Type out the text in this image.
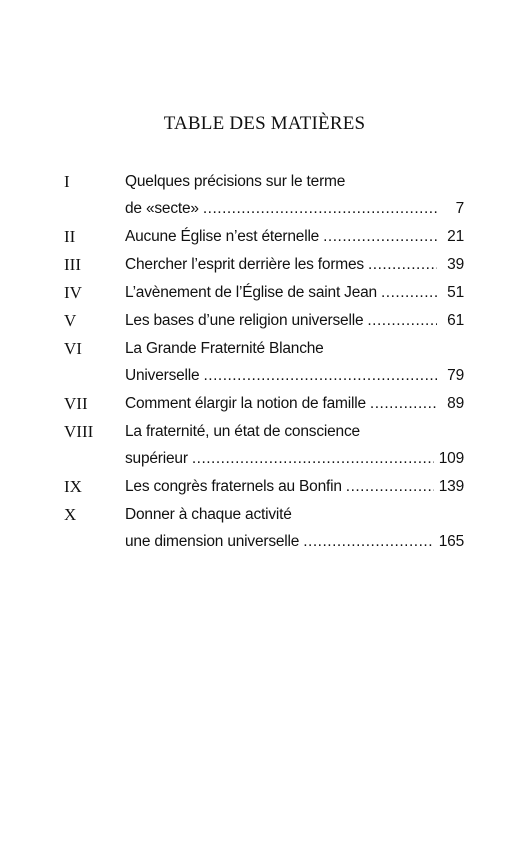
TABLE DES MATIÈRES
I	Quelques précisions sur le terme
de «secte» .....	7
II	Aucune Église n’est éternelle .....	21
III	Chercher l’esprit derrière les formes .....	39
IV	L’avènement de l’Église de saint Jean .....	51
V	Les bases d’une religion universelle .....	61
VI	La Grande Fraternité Blanche
Universelle .....	79
VII	Comment élargir la notion de famille .....	89
VIII	La fraternité, un état de conscience
supérieur .....	109
IX	Les congrès fraternels au Bonfin .....	139
X	Donner à chaque activité
une dimension universelle .....	165
